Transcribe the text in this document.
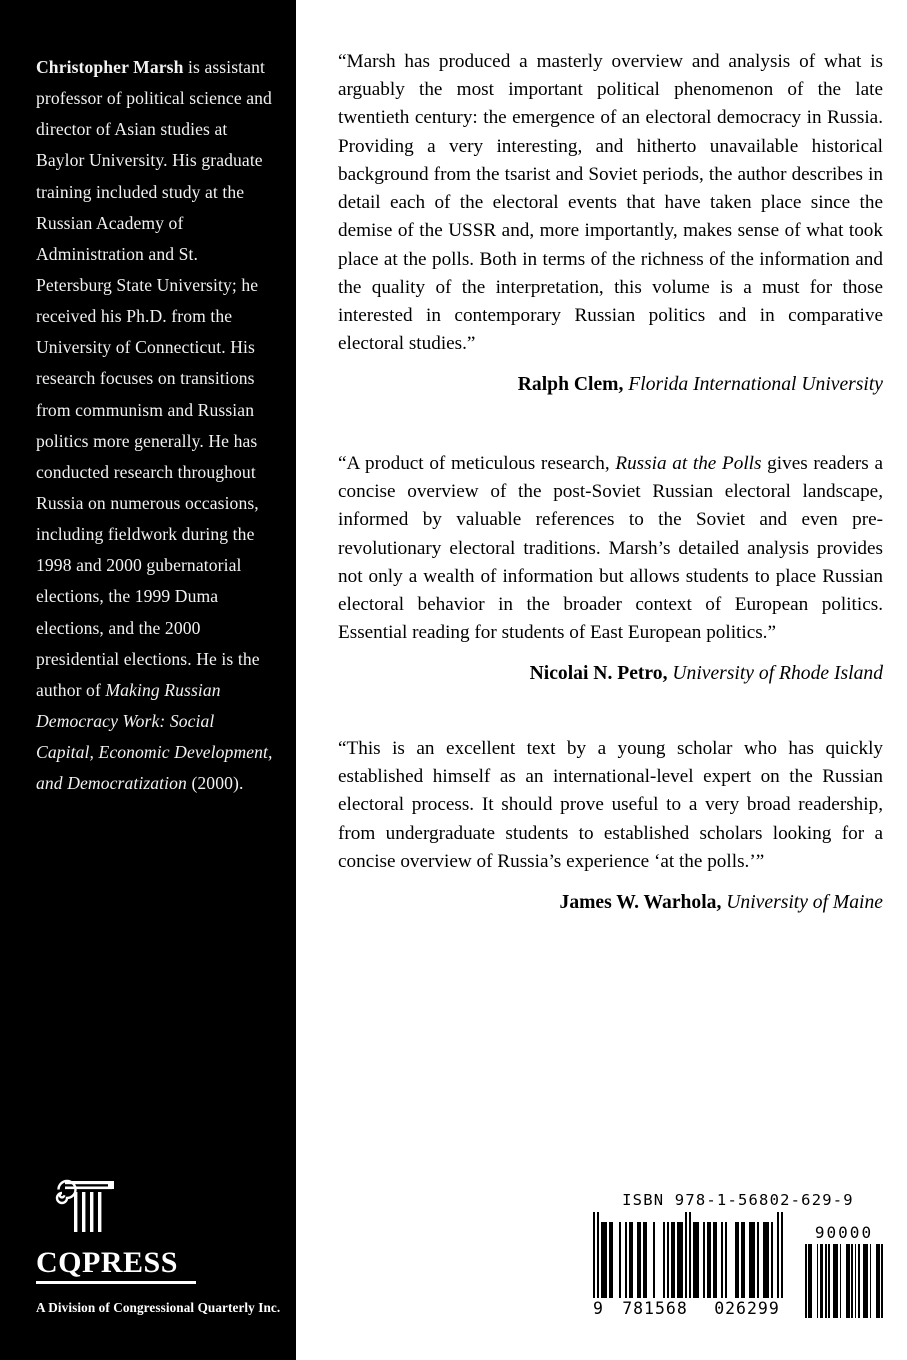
Christopher Marsh is assistant professor of political science and director of Asian studies at Baylor University. His graduate training included study at the Russian Academy of Administration and St. Petersburg State University; he received his Ph.D. from the University of Connecticut. His research focuses on transitions from communism and Russian politics more generally. He has conducted research throughout Russia on numerous occasions, including fieldwork during the 1998 and 2000 gubernatorial elections, the 1999 Duma elections, and the 2000 presidential elections. He is the author of Making Russian Democracy Work: Social Capital, Economic Development, and Democratization (2000).

CQPRESS
A Division of Congressional Quarterly Inc.

“Marsh has produced a masterly overview and analysis of what is arguably the most important political phenomenon of the late twentieth century: the emergence of an electoral democracy in Russia. Providing a very interesting, and hitherto unavailable historical background from the tsarist and Soviet periods, the author describes in detail each of the electoral events that have taken place since the demise of the USSR and, more importantly, makes sense of what took place at the polls. Both in terms of the richness of the information and the quality of the interpretation, this volume is a must for those interested in contemporary Russian politics and in comparative electoral studies.”

Ralph Clem, Florida International University

“A product of meticulous research, Russia at the Polls gives readers a concise overview of the post-Soviet Russian electoral landscape, informed by valuable references to the Soviet and even pre-revolutionary electoral traditions. Marsh’s detailed analysis provides not only a wealth of information but allows students to place Russian electoral behavior in the broader context of European politics. Essential reading for students of East European politics.”

Nicolai N. Petro, University of Rhode Island

“This is an excellent text by a young scholar who has quickly established himself as an international-level expert on the Russian electoral process. It should prove useful to a very broad readership, from undergraduate students to established scholars looking for a concise overview of Russia’s experience ‘at the polls.’”

James W. Warhola, University of Maine
ISBN 978-1-56802-629-9
9	781568	026299
90000
